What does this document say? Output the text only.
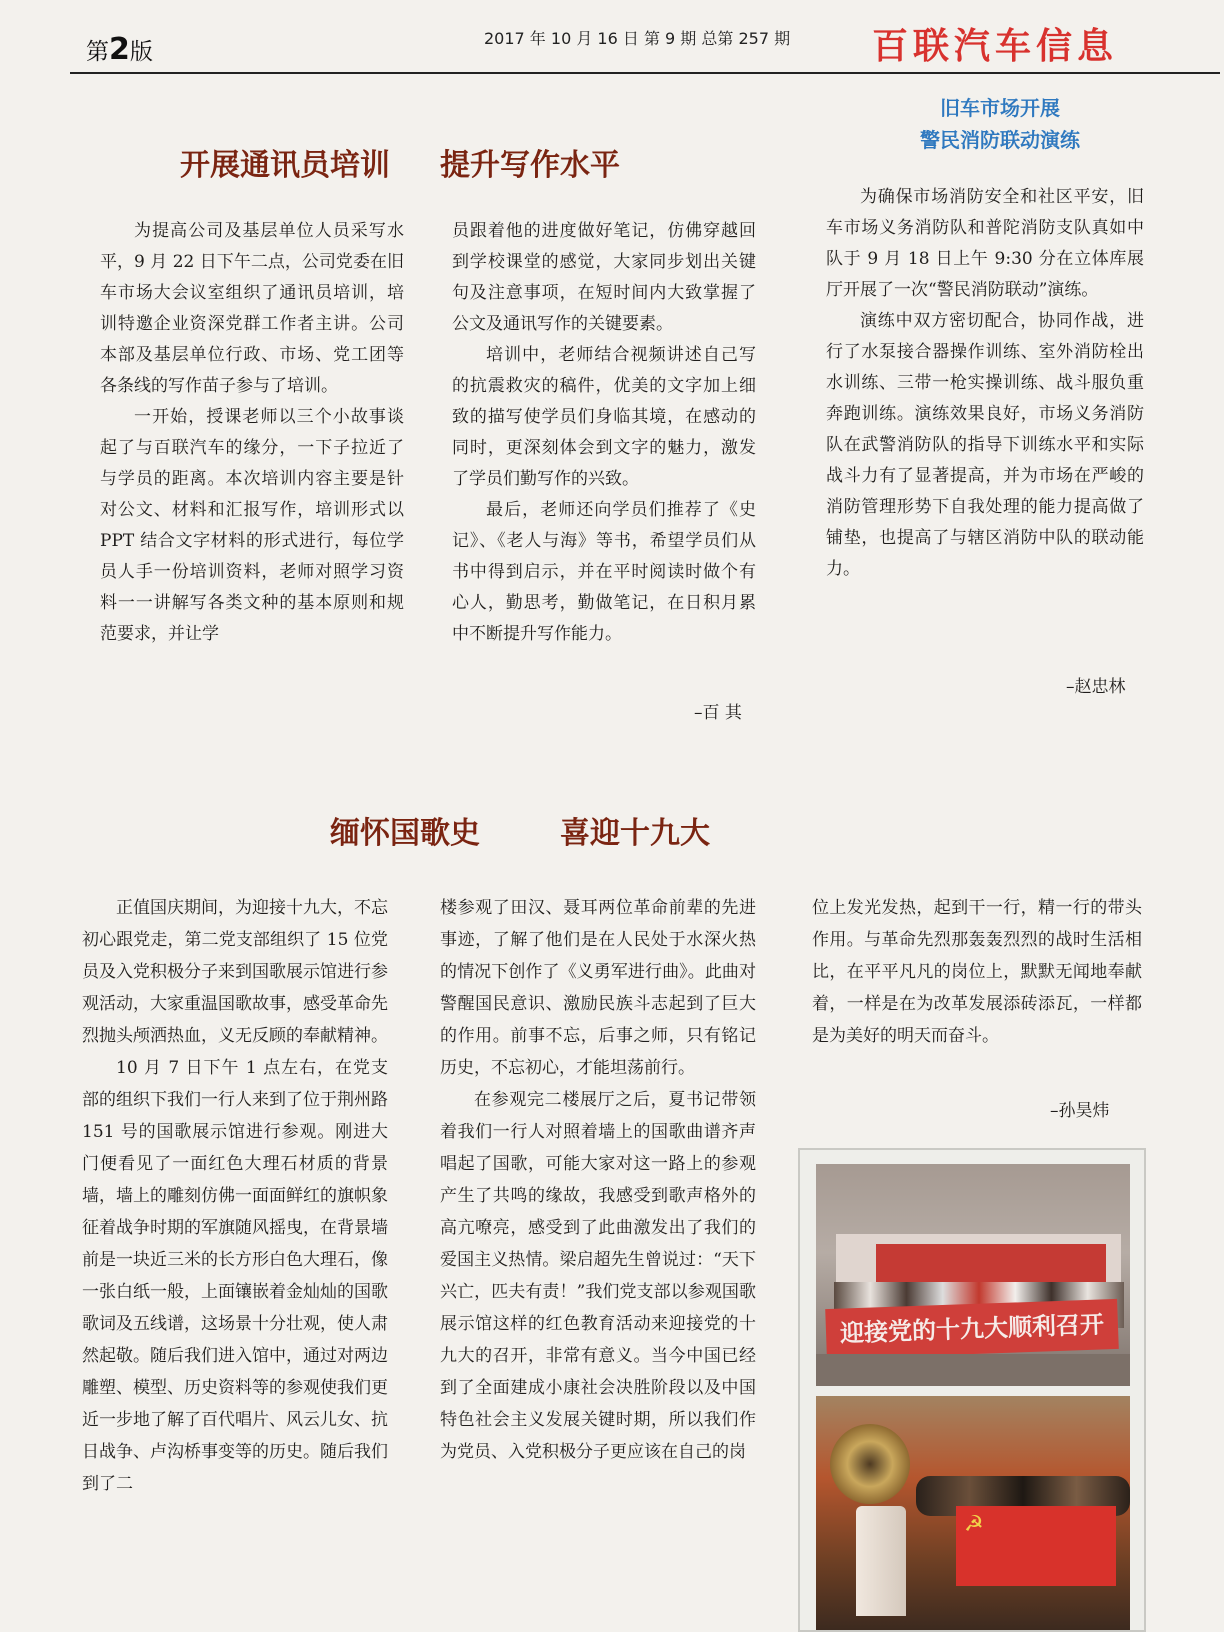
第2版
2017 年 10 月 16 日 第 9 期 总第 257 期 百联汽车信息
开展通讯员培训 提升写作水平

为提高公司及基层单位人员采写水平，9 月 22 日下午二点，公司党委在旧车市场大会议室组织了通讯员培训，培训特邀企业资深党群工作者主讲。公司本部及基层单位行政、市场、党工团等各条线的写作苗子参与了培训。

一开始，授课老师以三个小故事谈起了与百联汽车的缘分，一下子拉近了与学员的距离。本次培训内容主要是针对公文、材料和汇报写作，培训形式以 PPT 结合文字材料的形式进行，每位学员人手一份培训资料，老师对照学习资料一一讲解写各类文种的基本原则和规范要求，并让学

员跟着他的进度做好笔记，仿佛穿越回到学校课堂的感觉，大家同步划出关键句及注意事项，在短时间内大致掌握了公文及通讯写作的关键要素。

培训中，老师结合视频讲述自己写的抗震救灾的稿件，优美的文字加上细致的描写使学员们身临其境，在感动的同时，更深刻体会到文字的魅力，激发了学员们勤写作的兴致。

最后，老师还向学员们推荐了《史记》、《老人与海》等书，希望学员们从书中得到启示，并在平时阅读时做个有心人，勤思考，勤做笔记，在日积月累中不断提升写作能力。

–百 其
旧车市场开展
警民消防联动演练

为确保市场消防安全和社区平安，旧车市场义务消防队和普陀消防支队真如中队于 9 月 18 日上午 9:30 分在立体库展厅开展了一次“警民消防联动”演练。

演练中双方密切配合，协同作战，进行了水泵接合器操作训练、室外消防栓出水训练、三带一枪实操训练、战斗服负重奔跑训练。演练效果良好，市场义务消防队在武警消防队的指导下训练水平和实际战斗力有了显著提高，并为市场在严峻的消防管理形势下自我处理的能力提高做了铺垫，也提高了与辖区消防中队的联动能力。

–赵忠林
缅怀国歌史	喜迎十九大

正值国庆期间，为迎接十九大，不忘初心跟党走，第二党支部组织了 15 位党员及入党积极分子来到国歌展示馆进行参观活动，大家重温国歌故事，感受革命先烈抛头颅洒热血，义无反顾的奉献精神。

10 月 7 日下午 1 点左右，在党支部的组织下我们一行人来到了位于荆州路 151 号的国歌展示馆进行参观。刚进大门便看见了一面红色大理石材质的背景墙，墙上的雕刻仿佛一面面鲜红的旗帜象征着战争时期的军旗随风摇曳，在背景墙前是一块近三米的长方形白色大理石，像一张白纸一般，上面镶嵌着金灿灿的国歌歌词及五线谱，这场景十分壮观，使人肃然起敬。随后我们进入馆中，通过对两边雕塑、模型、历史资料等的参观使我们更近一步地了解了百代唱片、风云儿女、抗日战争、卢沟桥事变等的历史。随后我们到了二

楼参观了田汉、聂耳两位革命前辈的先进事迹，了解了他们是在人民处于水深火热的情况下创作了《义勇军进行曲》。此曲对警醒国民意识、激励民族斗志起到了巨大的作用。前事不忘，后事之师，只有铭记历史，不忘初心，才能坦荡前行。

在参观完二楼展厅之后，夏书记带领着我们一行人对照着墙上的国歌曲谱齐声唱起了国歌，可能大家对这一路上的参观产生了共鸣的缘故，我感受到歌声格外的高亢嘹亮，感受到了此曲激发出了我们的爱国主义热情。梁启超先生曾说过：“天下兴亡，匹夫有责！”我们党支部以参观国歌展示馆这样的红色教育活动来迎接党的十九大的召开，非常有意义。当今中国已经到了全面建成小康社会决胜阶段以及中国特色社会主义发展关键时期，所以我们作为党员、入党积极分子更应该在自己的岗

位上发光发热，起到干一行，精一行的带头作用。与革命先烈那轰轰烈烈的战时生活相比，在平平凡凡的岗位上，默默无闻地奉献着，一样是在为改革发展添砖添瓦，一样都是为美好的明天而奋斗。

–孙昊炜
迎接党的十九大顺利召开
☭
